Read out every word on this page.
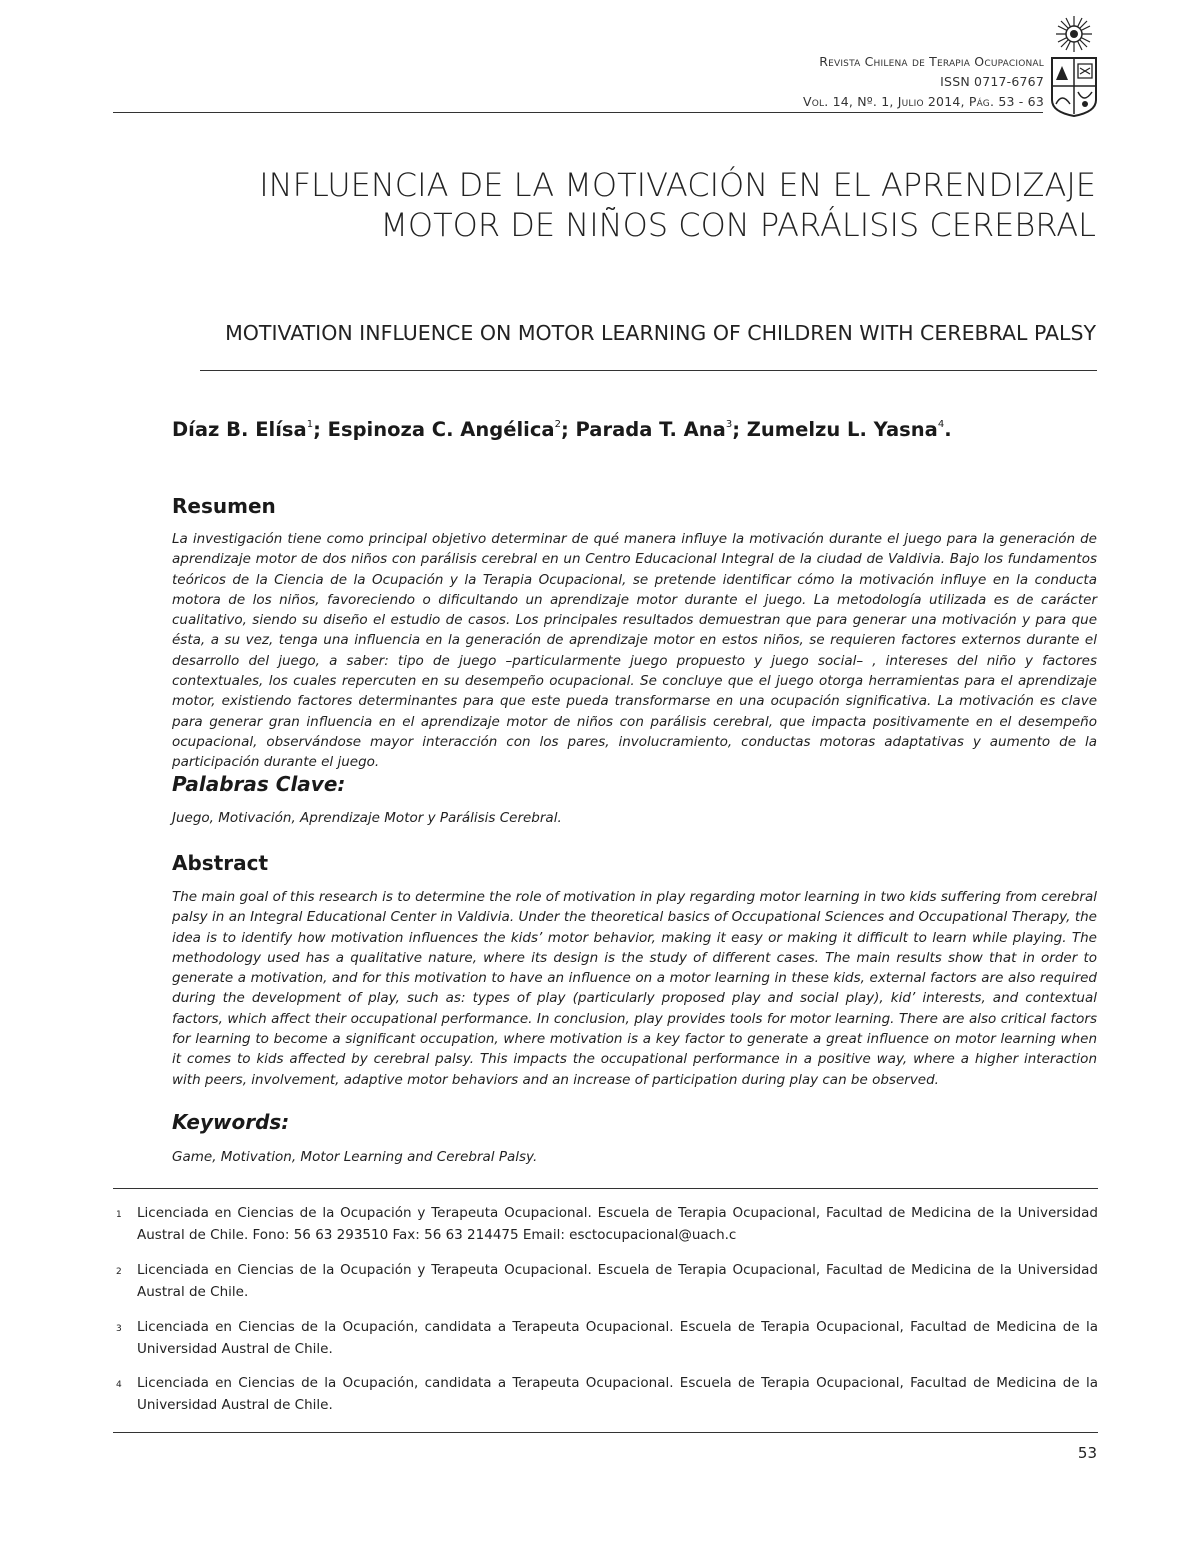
Revista Chilena de Terapia Ocupacional
ISSN 0717-6767
Vol. 14, Nº. 1, Julio 2014, Pág. 53 - 63
INFLUENCIA DE LA MOTIVACIÓN EN EL APRENDIZAJE
MOTOR DE NIÑOS CON PARÁLISIS CEREBRAL
MOTIVATION INFLUENCE ON MOTOR LEARNING OF CHILDREN WITH CEREBRAL PALSY
Díaz B. Elísa$^1$; Espinoza C. Angélica$^2$; Parada T. Ana$^3$; Zumelzu L. Yasna$^4$.
Resumen
La investigación tiene como principal objetivo determinar de qué manera influye la motivación durante el juego para la generación de aprendizaje motor de dos niños con parálisis cerebral en un Centro Educacional Integral de la ciudad de Valdivia. Bajo los fundamentos teóricos de la Ciencia de la Ocupación y la Terapia Ocupacional, se pretende identificar cómo la motivación influye en la conducta motora de los niños, favoreciendo o dificultando un aprendizaje motor durante el juego. La metodología utilizada es de carácter cualitativo, siendo su diseño el estudio de casos. Los principales resultados demuestran que para generar una motivación y para que ésta, a su vez, tenga una influencia en la generación de aprendizaje motor en estos niños, se requieren factores externos durante el desarrollo del juego, a saber: tipo de juego –particularmente juego propuesto y juego social– , intereses del niño y factores contextuales, los cuales repercuten en su desempeño ocupacional. Se concluye que el juego otorga herramientas para el aprendizaje motor, existiendo factores determinantes para que este pueda transformarse en una ocupación significativa. La motivación es clave para generar gran influencia en el aprendizaje motor de niños con parálisis cerebral, que impacta positivamente en el desempeño ocupacional, observándose mayor interacción con los pares, involucramiento, conductas motoras adaptativas y aumento de la participación durante el juego.
Palabras Clave:
Juego, Motivación, Aprendizaje Motor y Parálisis Cerebral.
Abstract
The main goal of this research is to determine the role of motivation in play regarding motor learning in two kids suffering from cerebral palsy in an Integral Educational Center in Valdivia. Under the theoretical basics of Occupational Sciences and Occupational Therapy, the idea is to identify how motivation influences the kids’ motor behavior, making it easy or making it difficult to learn while playing. The methodology used has a qualitative nature, where its design is the study of different cases. The main results show that in order to generate a motivation, and for this motivation to have an influence on a motor learning in these kids, external factors are also required during the development of play, such as: types of play (particularly proposed play and social play), kid’ interests, and contextual factors, which affect their occupational performance. In conclusion, play provides tools for motor learning. There are also critical factors for learning to become a significant occupation, where motivation is a key factor to generate a great influence on motor learning when it comes to kids affected by cerebral palsy. This impacts the occupational performance in a positive way, where a higher interaction with peers, involvement, adaptive motor behaviors and an increase of participation during play can be observed.
Keywords:
Game, Motivation, Motor Learning and Cerebral Palsy.
1 Licenciada en Ciencias de la Ocupación y Terapeuta Ocupacional. Escuela de Terapia Ocupacional, Facultad de Medicina de la Universidad Austral de Chile. Fono: 56 63 293510 Fax: 56 63 214475 Email: esctocupacional@uach.c
2 Licenciada en Ciencias de la Ocupación y Terapeuta Ocupacional. Escuela de Terapia Ocupacional, Facultad de Medicina de la Universidad Austral de Chile.
3 Licenciada en Ciencias de la Ocupación, candidata a Terapeuta Ocupacional. Escuela de Terapia Ocupacional, Facultad de Medicina de la Universidad Austral de Chile.
4 Licenciada en Ciencias de la Ocupación, candidata a Terapeuta Ocupacional. Escuela de Terapia Ocupacional, Facultad de Medicina de la Universidad Austral de Chile.
53
